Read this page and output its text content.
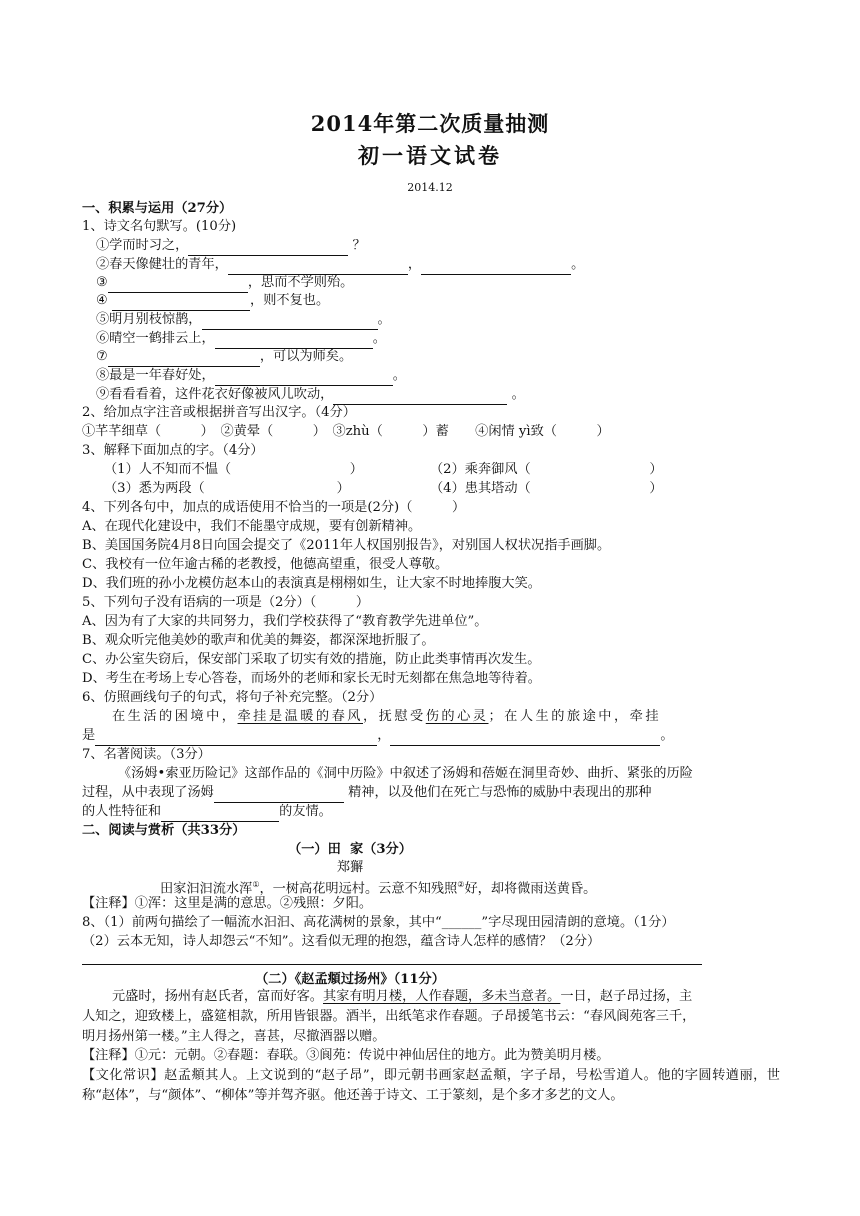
2014年第二次质量抽测
初一语文试卷
2014.12
一、积累与运用（27分）
1、诗文名句默写。(10分)
①学而时习之，	？
②春天像健壮的青年，	，	。
③	，思而不学则殆。
④	，则不复也。
⑤明月别枝惊鹊，	。
⑥晴空一鹤排云上，	。
⑦	，可以为师矣。
⑧最是一年春好处，	。
⑨看看看着，这件花衣好像被风儿吹动，	。
2、给加点字注音或根据拼音写出汉字。（4分）
①芊芊细草（　　　）　②黄晕（　　　）　③zhù（　　　）蓄　　④闲情 yì致（　　　）
3、解释下面加点的字。（4分）
（1）人不知而不愠（　　　　　　　　　）	（2）乘奔御风（　　　　　　　　　）
（3）悉为两段（　　　　　　　　　　）	（4）患其塔动（　　　　　　　　　）
4、下列各句中，加点的成语使用不恰当的一项是(2分)（　　　）
A、在现代化建设中，我们不能墨守成规，要有创新精神。
B、美国国务院4月8日向国会提交了《2011年人权国别报告》，对别国人权状况指手画脚。
C、我校有一位年逾古稀的老教授，他德高望重，很受人尊敬。
D、我们班的孙小龙模仿赵本山的表演真是栩栩如生，让大家不时地捧腹大笑。
5、下列句子没有语病的一项是（2分）（　　　）
A、因为有了大家的共同努力，我们学校获得了“教育教学先进单位”。
B、观众听完他美妙的歌声和优美的舞姿，都深深地折服了。
C、办公室失窃后，保安部门采取了切实有效的措施，防止此类事情再次发生。
D、考生在考场上专心答卷，而场外的老师和家长无时无刻都在焦急地等待着。
6、仿照画线句子的句式，将句子补充完整。（2分）
在生活的困境中，牵挂是温暖的春风，抚慰受伤的心灵；在人生的旅途中，牵挂
是	，	。
7、名著阅读。（3分）
《汤姆•索亚历险记》这部作品的《洞中历险》中叙述了汤姆和蓓姬在洞里奇妙、曲折、紧张的历险
过程，从中表现了汤姆	精神，以及他们在死亡与恐怖的威胁中表现出的那种
的人性特征和	的友情。
二、阅读与赏析（共33分）
（一）田  家（3分）
郑獬
田家汩汩流水浑①，一树高花明远村。云意不知残照②好，却将微雨送黄昏。
【注释】①浑：这里是满的意思。②残照：夕阳。
8、（1）前两句描绘了一幅流水汩汩、高花满树的景象，其中“______”字尽现田园清朗的意境。（1分）
（2）云本无知，诗人却怨云“不知”。这看似无理的抱怨，蕴含诗人怎样的感情？（2分）
（二）《赵孟頫过扬州》（11分）
元盛时，扬州有赵氏者，富而好客。其家有明月楼，人作春题，多未当意者。一日，赵子昂过扬，主
人知之，迎致楼上，盛筵相款，所用皆银器。酒半，出纸笔求作春题。子昂援笔书云：“春风阆苑客三千，
明月扬州第一楼。”主人得之，喜甚，尽撤酒器以赠。
【注释】①元：元朝。②春题：春联。③阆苑：传说中神仙居住的地方。此为赞美明月楼。
【文化常识】赵孟頫其人。上文说到的“赵子昂”，即元朝书画家赵孟頫，字子昂，号松雪道人。他的字圆转遒丽，世称“赵体”，与“颜体”、“柳体”等并驾齐驱。他还善于诗文、工于篆刻，是个多才多艺的文人。
